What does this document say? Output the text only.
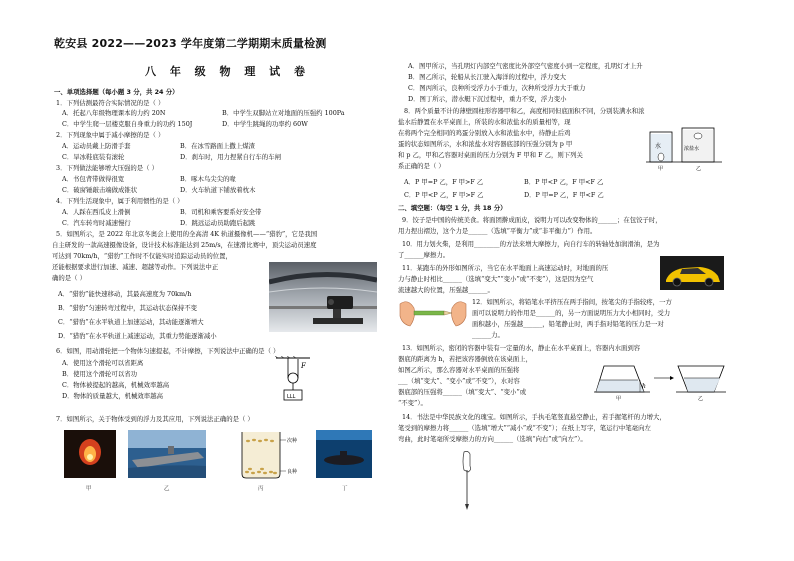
乾安县 2022——2023 学年度第二学期期末质量检测
八 年 级 物 理 试 卷
一、单项选择题（每小题 3 分，共 24 分）
1．下列估测最符合实际情况的是（ ）
A．托起八年级物理课本的力约 20N	B．中学生双脚站立对地面的压强约 100Pa
C．中学生爬一层楼克服自身重力的功约 150J	D．中学生跳绳的功率约 60W
2．下列现象中属于减小摩擦的是（ ）
A．运动员戴上防滑手套	B．在冰雪路面上撒上煤渣
C．旱冰鞋底装有滚轮	D．刹车时，用力捏紧自行车的车闸
3．下列做法能够增大压强的是（ ）
A．书包背带做得很宽	B．啄木鸟尖尖的喙
C．破窗锤敲击端做成锥状	D．火车轨道下铺放着枕木
4．下列生活现象中，属于利用惯性的是（ ）
A．人踩在西瓜皮上滑倒	B．司机和乘客要系好安全带
C．汽车转弯时减速慢行	D．跳远运动员助跑后起跳
5．如图所示，是 2022 年北京冬奥会上使用的全高清 4K 轨道摄像机——“猎豹”，它是我国
自主研发的一款高速摄像设备，设计技术标准能达到 25m/s，在速滑比赛中，顶尖运动员速度
可达到 70km/h，“猎豹”工作时不仅能实时追踪运动员的位置，
还能根据要求进行加速、减速、超越等动作。下列说法中正
确的是（ ）
A．“猎豹”能快速移动，其最高速度为 70km/h
B．“猎豹”匀速转弯过程中，其运动状态保持不变
C．“猎豹”在水平轨道上加速运动，其动能逐渐增大
D．“猎豹”在水平轨道上减速运动，其重力势能逐渐减小
6．如图，用动滑轮把一个物体匀速提起，不计摩擦，下列说法中正确的是（ ）
A．使用这个滑轮可以省距离
B．使用这个滑轮可以省功
C．物体被提起的越高，机械效率越高
D．物体的质量越大，机械效率越高	LLL
F
7．如图所示，关于物体受到的浮力及其应用，下列说法正确的是（ ）
次种
良种
甲	乙	丙	丁
A．图甲所示，当孔明灯内部空气密度比外部空气密度小到一定程度，孔明灯才上升
B．图乙所示，轮船从长江驶入海洋的过程中，浮力变大
C．图丙所示，良种所受浮力小于重力，次种所受浮力大于重力
D．图丁所示，潜水艇下沉过程中，重力不变，浮力变小
8．两个质量不计的薄壁圆柱形容器甲和乙，高度相同但底面积不同，分别装满水和浓
盐水后静置在水平桌面上，所装的水和浓盐水的质量相等，现
在将两个完全相同的鸡蛋分别放入水和浓盐水中，待静止后鸡
蛋的状态如图所示，水和浓盐水对容器底部的压强分别为 p 甲
和 p 乙，甲和乙容器对桌面的压力分别为 F 甲和 F 乙，则下列关
系正确的是（ ）
A．P 甲=P 乙，F 甲>F 乙	B．P 甲<P 乙，F 甲<F 乙
C．P 甲<P 乙，F 甲>F 乙	D．P 甲=P 乙，F 甲<F 乙
水	浓盐水
甲	乙
二、填空题：（每空 1 分，共 18 分）
9．饺子是中国的传统美食。将面团擀成面皮，说明力可以改变物体的______；在包饺子时，
用力捏出褶边，这个力是______（选填“平衡力”或“非平衡力”）作用。
10．用力划火柴，是利用________的方法来增大摩擦力，向自行车的转轴处加润滑油，是为
了______摩擦力。
11．某跑车的外形如图所示，当它在水平地面上高速运动时，对地面的压
力与静止时相比______（选填“变大”“变小”或“不变”），这是因为空气
流速越大的位置，压强越______。
12．如图所示，将铅笔水平挤压在两手指间，按笔尖的手指较疼，一方
面可以说明力的作用是______的，另一方面说明压力大小相同时，受力
面积越小，压强越______，铅笔静止时，两手指对铅笔的压力是一对
______力。
13．如图所示，密闭的容器中装有一定量的水，静止在水平桌面上，容器内水面到容
器底的距离为 h，若把该容器倒放在该桌面上，
如图乙所示，那么容器对水平桌面的压强将
___（填“变大”、“变小”或“不变”），水对容
器底部的压强将______（填“变大”、“变小”或
“不变”）。
h
甲	乙
14．书法是中华民族文化的瑰宝。如图所示，手执毛笔竖直悬空静止，若手握笔杆的力增大，
笔受到的摩擦力将______（选填“增大”“减小”或“不变”）；在纸上写字，笔运行中笔毫向左
弯曲，此时笔毫所受摩擦力的方向______（选填“向右”或“向左”）。
